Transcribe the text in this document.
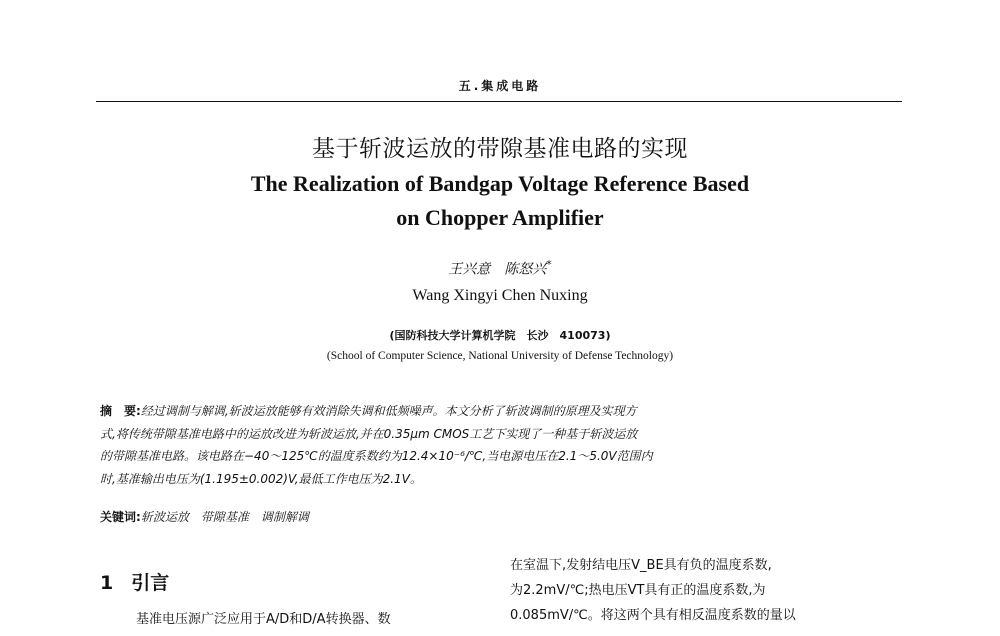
五.集成电路
基于斩波运放的带隙基准电路的实现
The Realization of Bandgap Voltage Reference Based
on Chopper Amplifier
王兴意　陈怒兴*
Wang Xingyi Chen Nuxing
(国防科技大学计算机学院　长沙　410073)
(School of Computer Science, National University of Defense Technology)
摘　要:经过调制与解调,斩波运放能够有效消除失调和低频噪声。本文分析了斩波调制的原理及实现方
式,将传统带隙基准电路中的运放改进为斩波运放,并在0.35μm CMOS工艺下实现了一种基于斩波运放
的带隙基准电路。该电路在−40～125℃的温度系数约为12.4×10⁻⁶/℃,当电源电压在2.1～5.0V范围内
时,基准输出电压为(1.195±0.002)V,最低工作电压为2.1V。
关键词:斩波运放　带隙基准　调制解调
1 引言
基准电压源广泛应用于A/D和D/A转换器、数
在室温下,发射结电压V_BE具有负的温度系数,
为2.2mV/℃;热电压VT具有正的温度系数,为
0.085mV/℃。将这两个具有相反温度系数的量以
